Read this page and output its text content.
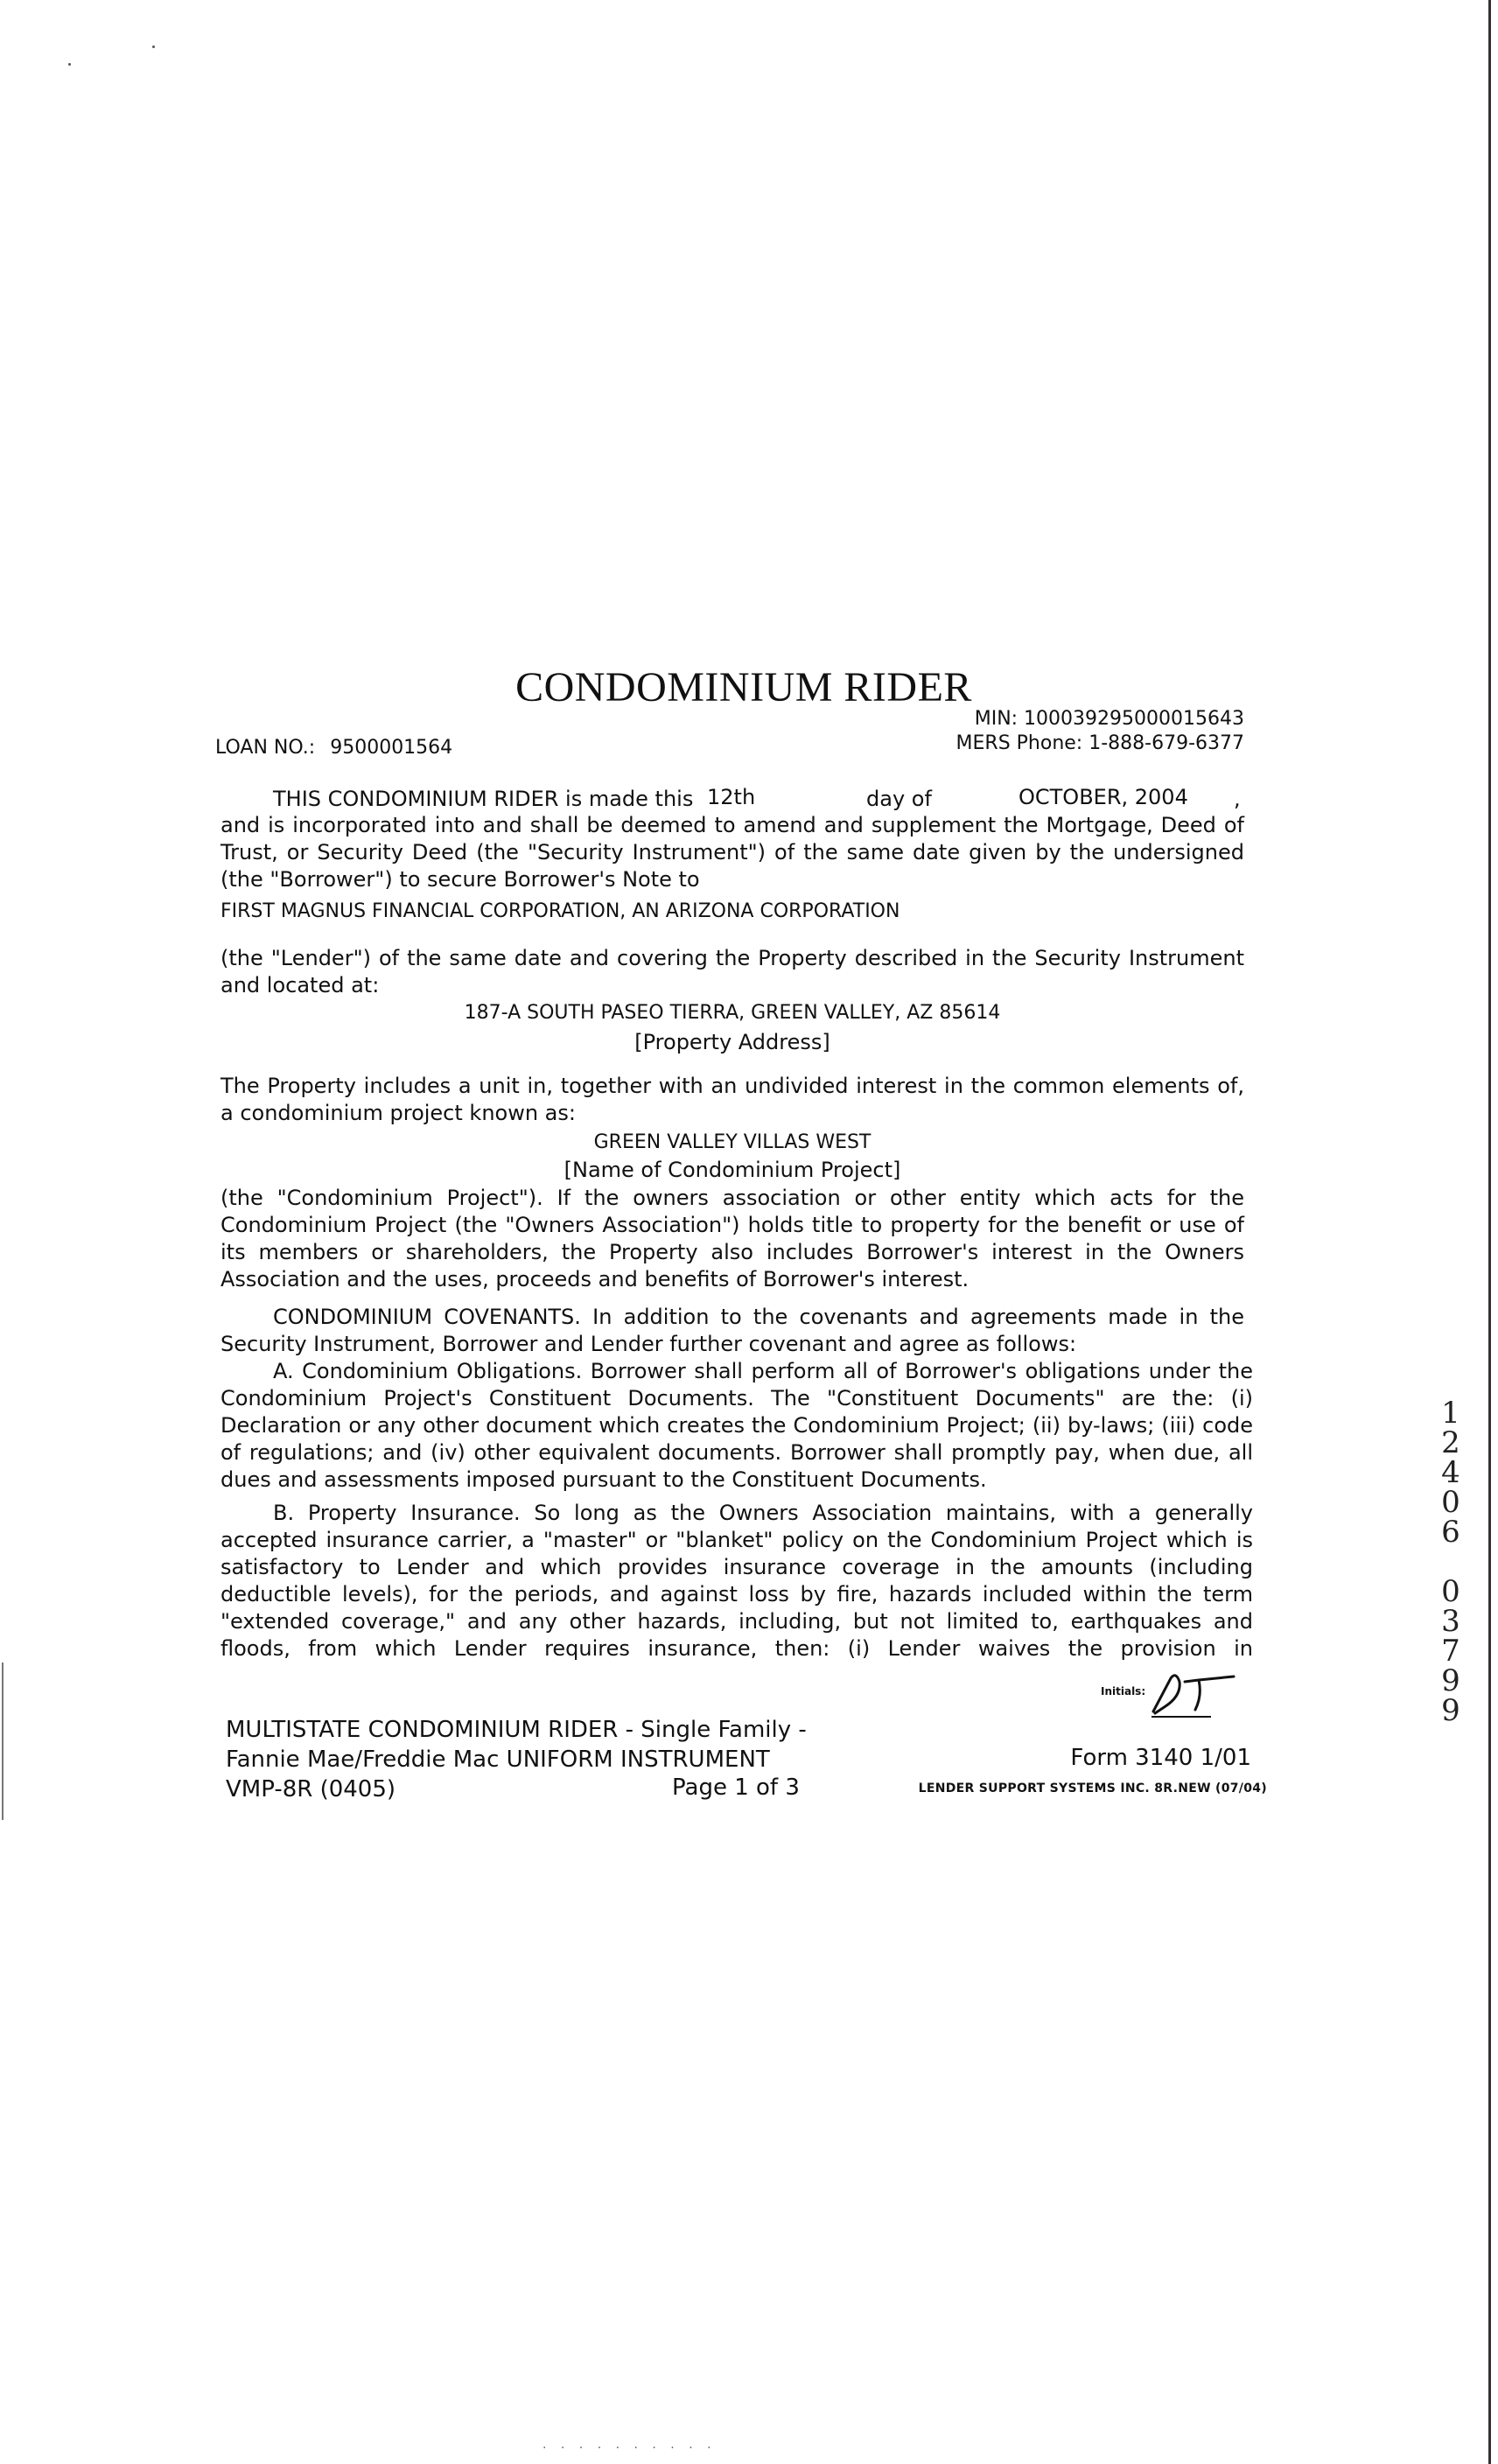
CONDOMINIUM RIDER
MIN: 100039295000015643
MERS Phone: 1-888-679-6377
LOAN NO.: 9500001564
THIS CONDOMINIUM RIDER is made this 12th	day of	OCTOBER, 2004 ,
and is incorporated into and shall be deemed to amend and supplement the Mortgage, Deed of Trust, or Security Deed (the "Security Instrument") of the same date given by the undersigned (the "Borrower") to secure Borrower's Note to
FIRST MAGNUS FINANCIAL CORPORATION, AN ARIZONA CORPORATION
(the "Lender") of the same date and covering the Property described in the Security Instrument and located at:
187-A SOUTH PASEO TIERRA, GREEN VALLEY, AZ 85614
[Property Address]
The Property includes a unit in, together with an undivided interest in the common elements of, a condominium project known as:
GREEN VALLEY VILLAS WEST
[Name of Condominium Project]
(the "Condominium Project"). If the owners association or other entity which acts for the Condominium Project (the "Owners Association") holds title to property for the benefit or use of its members or shareholders, the Property also includes Borrower's interest in the Owners Association and the uses, proceeds and benefits of Borrower's interest.
CONDOMINIUM COVENANTS. In addition to the covenants and agreements made in the Security Instrument, Borrower and Lender further covenant and agree as follows:
A. Condominium Obligations. Borrower shall perform all of Borrower's obligations under the Condominium Project's Constituent Documents. The "Constituent Documents" are the: (i) Declaration or any other document which creates the Condominium Project; (ii) by-laws; (iii) code of regulations; and (iv) other equivalent documents. Borrower shall promptly pay, when due, all dues and assessments imposed pursuant to the Constituent Documents.
B. Property Insurance. So long as the Owners Association maintains, with a generally accepted insurance carrier, a "master" or "blanket" policy on the Condominium Project which is satisfactory to Lender and which provides insurance coverage in the amounts (including deductible levels), for the periods, and against loss by fire, hazards included within the term "extended coverage," and any other hazards, including, but not limited to, earthquakes and floods, from which Lender requires insurance, then: (i) Lender waives the provision in
1
2
4
0
6
0
3
7
9
9
MULTISTATE CONDOMINIUM RIDER - Single Family -
Fannie Mae/Freddie Mac UNIFORM INSTRUMENT
VMP-8R (0405)	Page 1 of 3
Initials:
Form 3140 1/01
LENDER SUPPORT SYSTEMS INC. 8R.NEW (07/04)
· · · · · · · · · ·
